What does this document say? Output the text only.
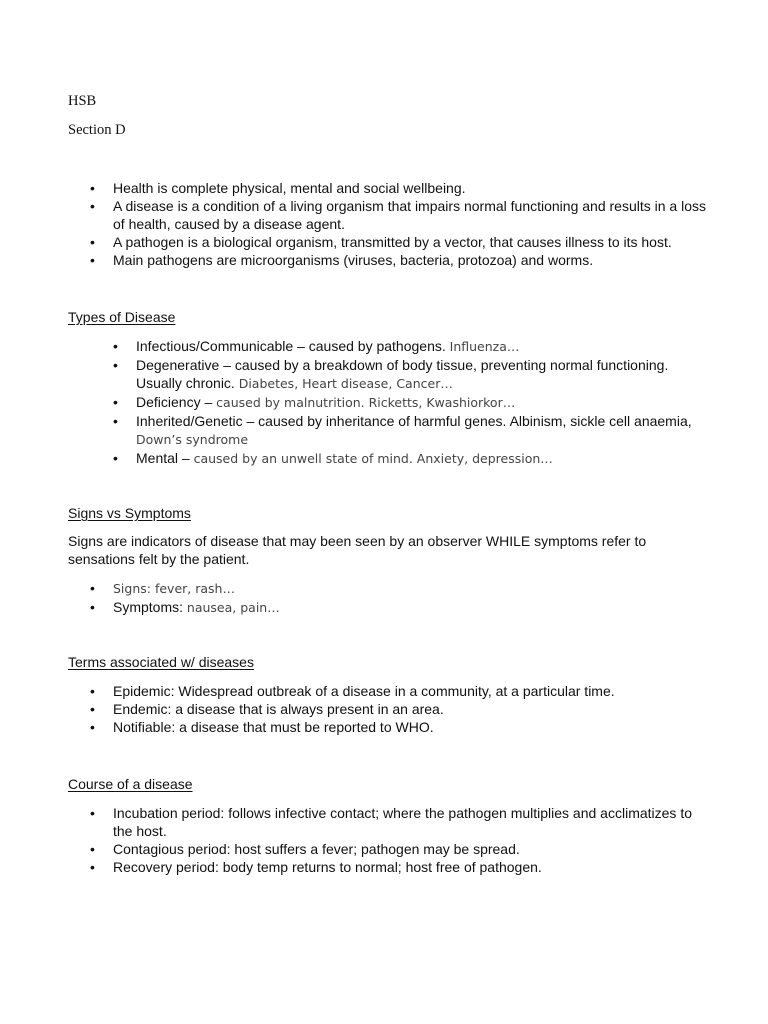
HSB
Section D
• Health is complete physical, mental and social wellbeing.
• A disease is a condition of a living organism that impairs normal functioning and results in a loss of health, caused by a disease agent.
• A pathogen is a biological organism, transmitted by a vector, that causes illness to its host.
• Main pathogens are microorganisms (viruses, bacteria, protozoa) and worms.
Types of Disease
• Infectious/Communicable – caused by pathogens. Influenza…
• Degenerative – caused by a breakdown of body tissue, preventing normal functioning. Usually chronic. Diabetes, Heart disease, Cancer…
• Deficiency – caused by malnutrition. Ricketts, Kwashiorkor…
• Inherited/Genetic – caused by inheritance of harmful genes. Albinism, sickle cell anaemia, Down’s syndrome
• Mental – caused by an unwell state of mind. Anxiety, depression…
Signs vs Symptoms
Signs are indicators of disease that may been seen by an observer WHILE symptoms refer to sensations felt by the patient.
• Signs: fever, rash…
• Symptoms: nausea, pain…
Terms associated w/ diseases
• Epidemic: Widespread outbreak of a disease in a community, at a particular time.
• Endemic: a disease that is always present in an area.
• Notifiable: a disease that must be reported to WHO.
Course of a disease
• Incubation period: follows infective contact; where the pathogen multiplies and acclimatizes to the host.
• Contagious period: host suffers a fever; pathogen may be spread.
• Recovery period: body temp returns to normal; host free of pathogen.
